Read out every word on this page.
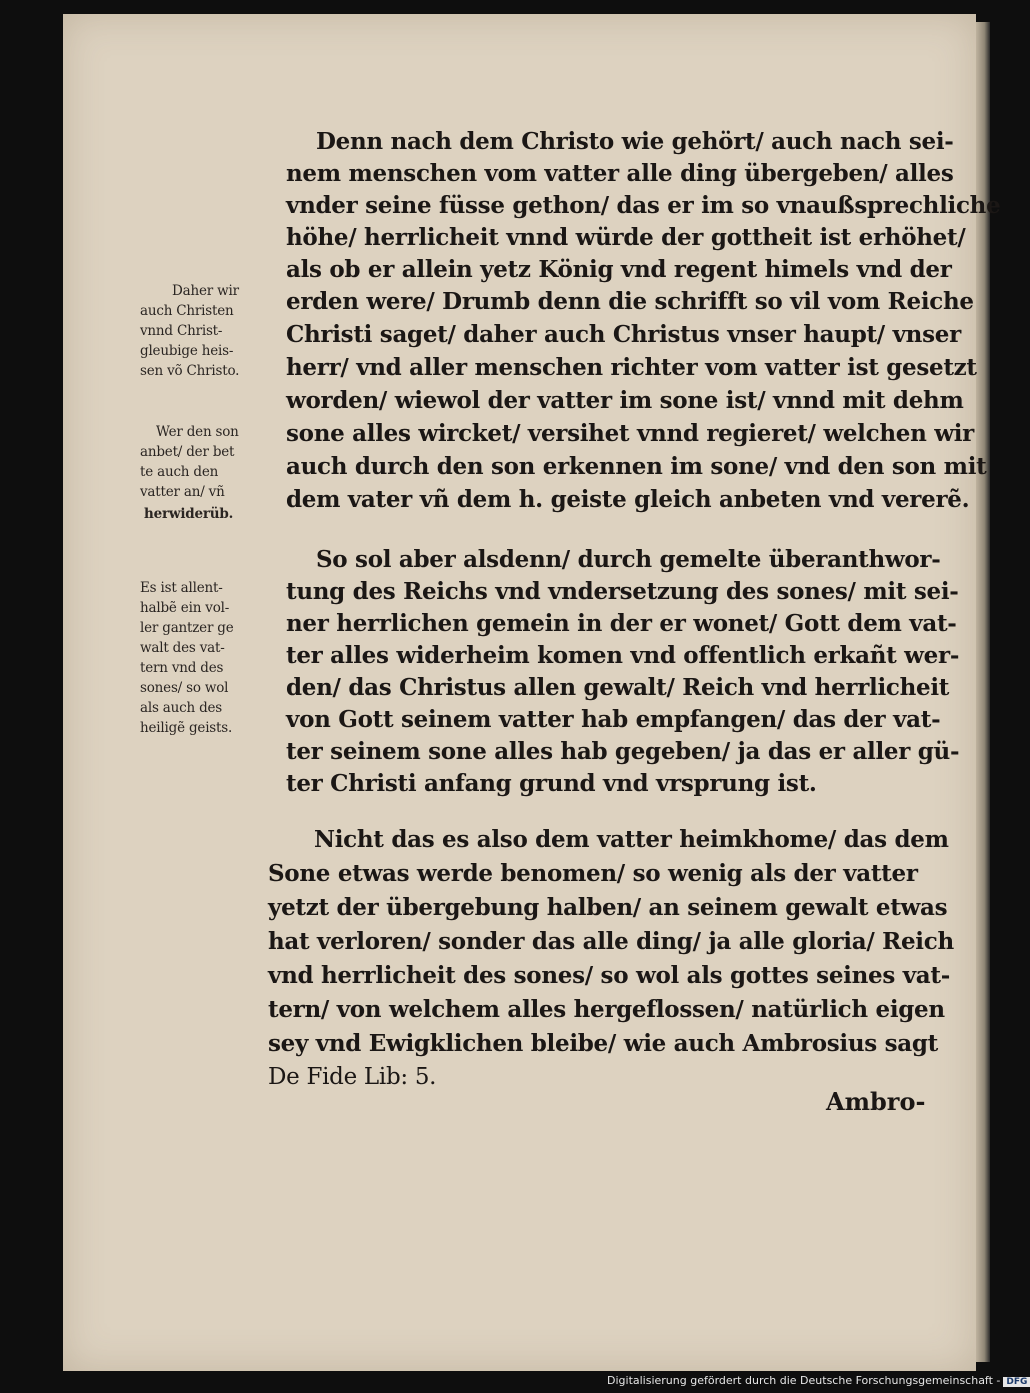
Denn nach dem Christo wie gehört/ auch nach sei-
nem menschen vom vatter alle ding übergeben/ alles
vnder seine füsse gethon/ das er im so vnaußsprechliche
höhe/ herrlicheit vnnd würde der gottheit ist erhöhet/
als ob er allein yetz König vnd regent himels vnd der
erden were/ Drumb denn die schrifft so vil vom Reiche
Christi saget/ daher auch Christus vnser haupt/ vnser
herr/ vnd aller menschen richter vom vatter ist gesetzt
worden/ wiewol der vatter im sone ist/ vnnd mit dehm
sone alles wircket/ versihet vnnd regieret/ welchen wir
auch durch den son erkennen im sone/ vnd den son mit
dem vater vñ dem h. geiste gleich anbeten vnd vererẽ.
So sol aber alsdenn/ durch gemelte überanthwor-
tung des Reichs vnd vndersetzung des sones/ mit sei-
ner herrlichen gemein in der er wonet/ Gott dem vat-
ter alles widerheim komen vnd offentlich erkañt wer-
den/ das Christus allen gewalt/ Reich vnd herrlicheit
von Gott seinem vatter hab empfangen/ das der vat-
ter seinem sone alles hab gegeben/ ja das er aller gü-
ter Christi anfang grund vnd vrsprung ist.
Nicht das es also dem vatter heimkhome/ das dem
Sone etwas werde benomen/ so wenig als der vatter
yetzt der übergebung halben/ an seinem gewalt etwas
hat verloren/ sonder das alle ding/ ja alle gloria/ Reich
vnd herrlicheit des sones/ so wol als gottes seines vat-
tern/ von welchem alles hergeflossen/ natürlich eigen
sey vnd Ewigklichen bleibe/ wie auch Ambrosius sagt
De Fide Lib: 5.
Daher wir
auch Christen
vnnd Christ-
gleubige heis-
sen võ Christo.
Wer den son
anbet/ der bet
te auch den
vatter an/ vñ
herwiderüb.
Es ist allent-
halbẽ ein vol-
ler gantzer ge
walt des vat-
tern vnd des
sones/ so wol
als auch des
heiligẽ geists.
Ambro-
Digitalisierung gefördert durch die Deutsche Forschungsgemeinschaft - DFG
